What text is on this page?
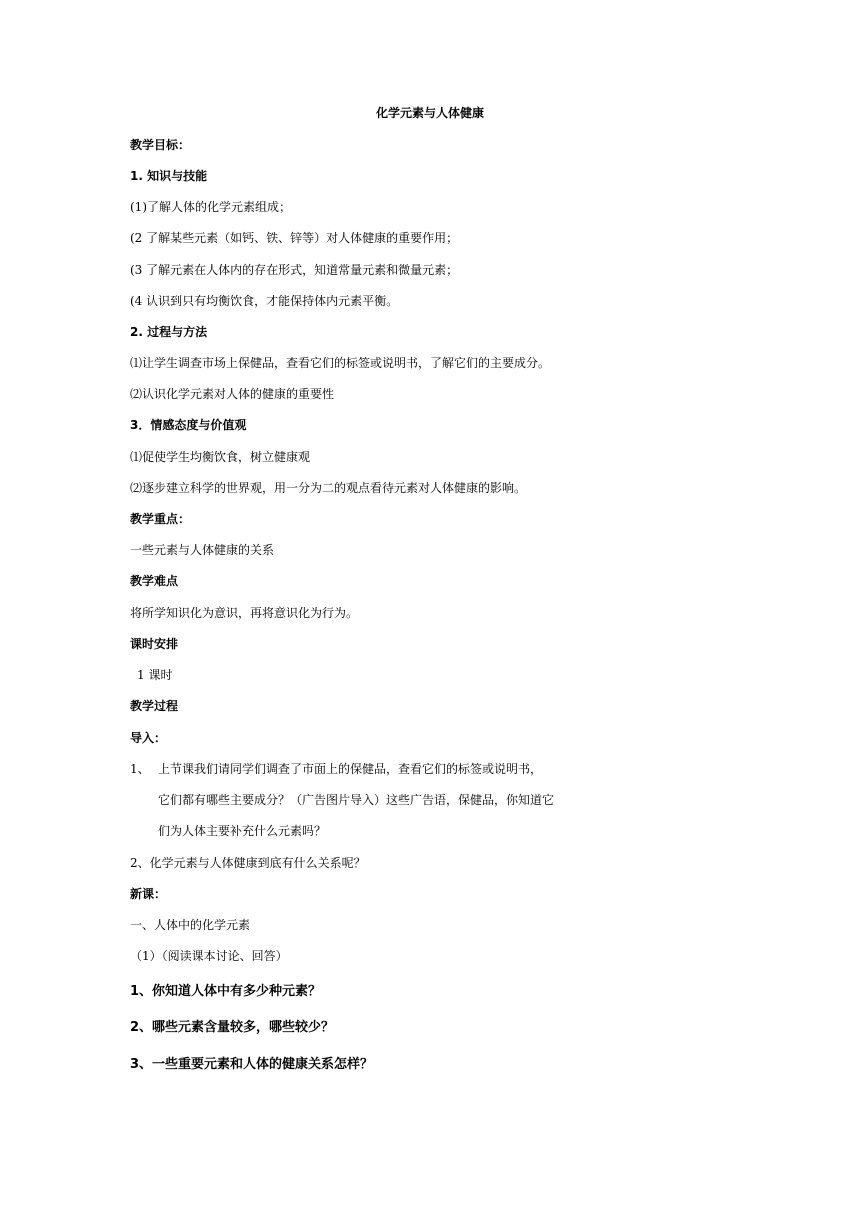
化学元素与人体健康
教学目标：
1. 知识与技能
(1)了解人体的化学元素组成；
(2 了解某些元素（如钙、铁、锌等）对人体健康的重要作用；
(3 了解元素在人体内的存在形式，知道常量元素和微量元素；
(4 认识到只有均衡饮食，才能保持体内元素平衡。
2. 过程与方法
⑴让学生调查市场上保健品，查看它们的标签或说明书，了解它们的主要成分。
⑵认识化学元素对人体的健康的重要性
3．情感态度与价值观
⑴促使学生均衡饮食，树立健康观
⑵逐步建立科学的世界观，用一分为二的观点看待元素对人体健康的影响。
教学重点：
一些元素与人体健康的关系
教学难点
将所学知识化为意识，再将意识化为行为。
课时安排
1 课时
教学过程
导入：
1、 上节课我们请同学们调查了市面上的保健品，查看它们的标签或说明书，
它们都有哪些主要成分？（广告图片导入）这些广告语，保健品，你知道它
们为人体主要补充什么元素吗？
2、化学元素与人体健康到底有什么关系呢？
新课：
一、人体中的化学元素
（1）（阅读课本讨论、回答）
1、你知道人体中有多少种元素？
2、哪些元素含量较多，哪些较少？
3、一些重要元素和人体的健康关系怎样？
